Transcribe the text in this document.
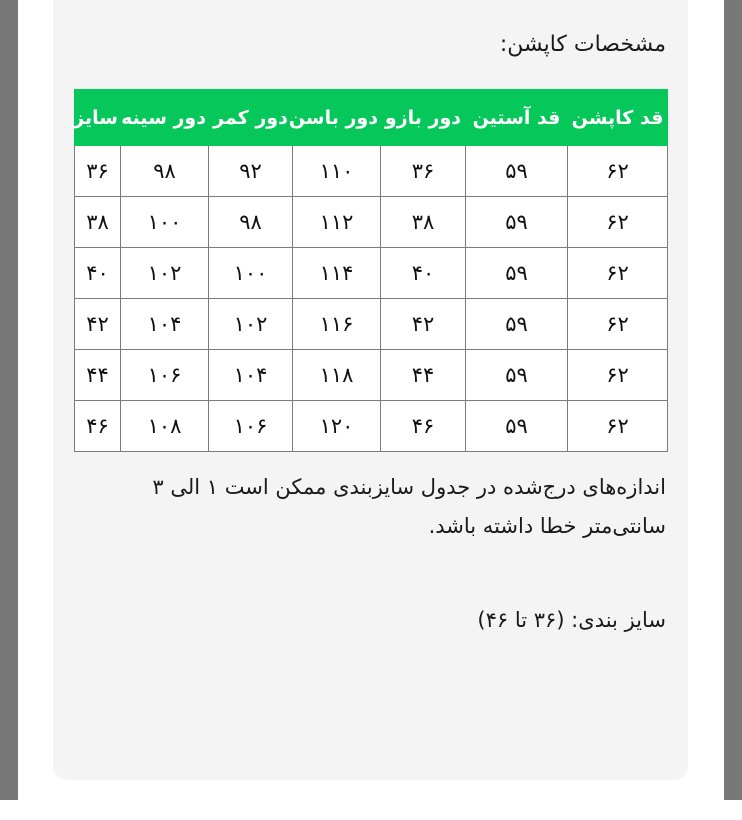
مشخصات کاپشن:
قد کاپشن	قد آستین	دور بازو	دور باسن	دور کمر	دور سینه	سایز
۶۲	۵۹	۳۶	۱۱۰	۹۲	۹۸	۳۶
۶۲	۵۹	۳۸	۱۱۲	۹۸	۱۰۰	۳۸
۶۲	۵۹	۴۰	۱۱۴	۱۰۰	۱۰۲	۴۰
۶۲	۵۹	۴۲	۱۱۶	۱۰۲	۱۰۴	۴۲
۶۲	۵۹	۴۴	۱۱۸	۱۰۴	۱۰۶	۴۴
۶۲	۵۹	۴۶	۱۲۰	۱۰۶	۱۰۸	۴۶

اندازه‌های درج‌شده در جدول سایزبندی ممکن است ۱ الی ۳ سانتی‌متر خطا داشته باشد.

سایز بندی: (۳۶ تا ۴۶)
